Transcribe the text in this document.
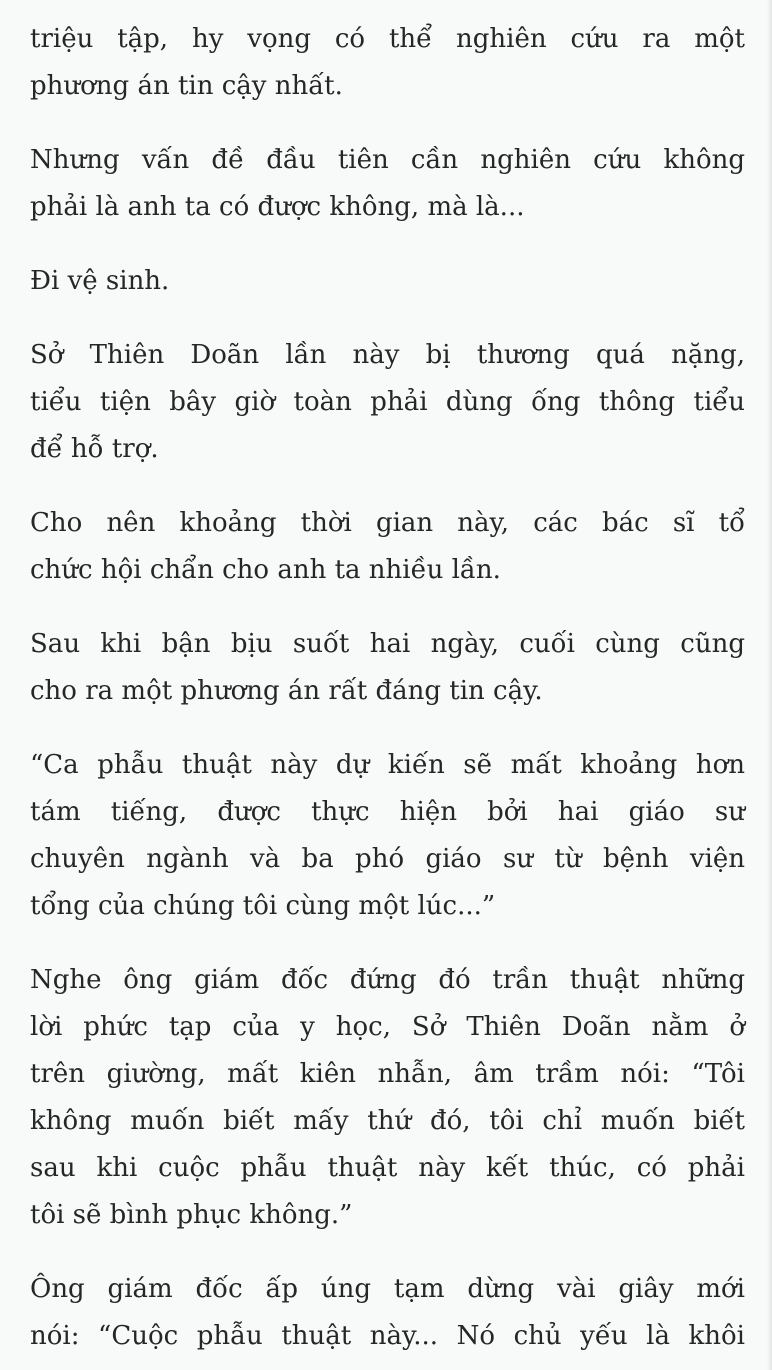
triệu tập, hy vọng có thể nghiên cứu ra một
phương án tin cậy nhất.
Nhưng vấn đề đầu tiên cần nghiên cứu không
phải là anh ta có được không, mà là...
Đi vệ sinh.
Sở Thiên Doãn lần này bị thương quá nặng,
tiểu tiện bây giờ toàn phải dùng ống thông tiểu
để hỗ trợ.
Cho nên khoảng thời gian này, các bác sĩ tổ
chức hội chẩn cho anh ta nhiều lần.
Sau khi bận bịu suốt hai ngày, cuối cùng cũng
cho ra một phương án rất đáng tin cậy.
“Ca phẫu thuật này dự kiến sẽ mất khoảng hơn
tám tiếng, được thực hiện bởi hai giáo sư
chuyên ngành và ba phó giáo sư từ bệnh viện
tổng của chúng tôi cùng một lúc...”
Nghe ông giám đốc đứng đó trần thuật những
lời phức tạp của y học, Sở Thiên Doãn nằm ở
trên giường, mất kiên nhẫn, âm trầm nói: “Tôi
không muốn biết mấy thứ đó, tôi chỉ muốn biết
sau khi cuộc phẫu thuật này kết thúc, có phải
tôi sẽ bình phục không.”
Ông giám đốc ấp úng tạm dừng vài giây mới
nói: “Cuộc phẫu thuật này... Nó chủ yếu là khôi
